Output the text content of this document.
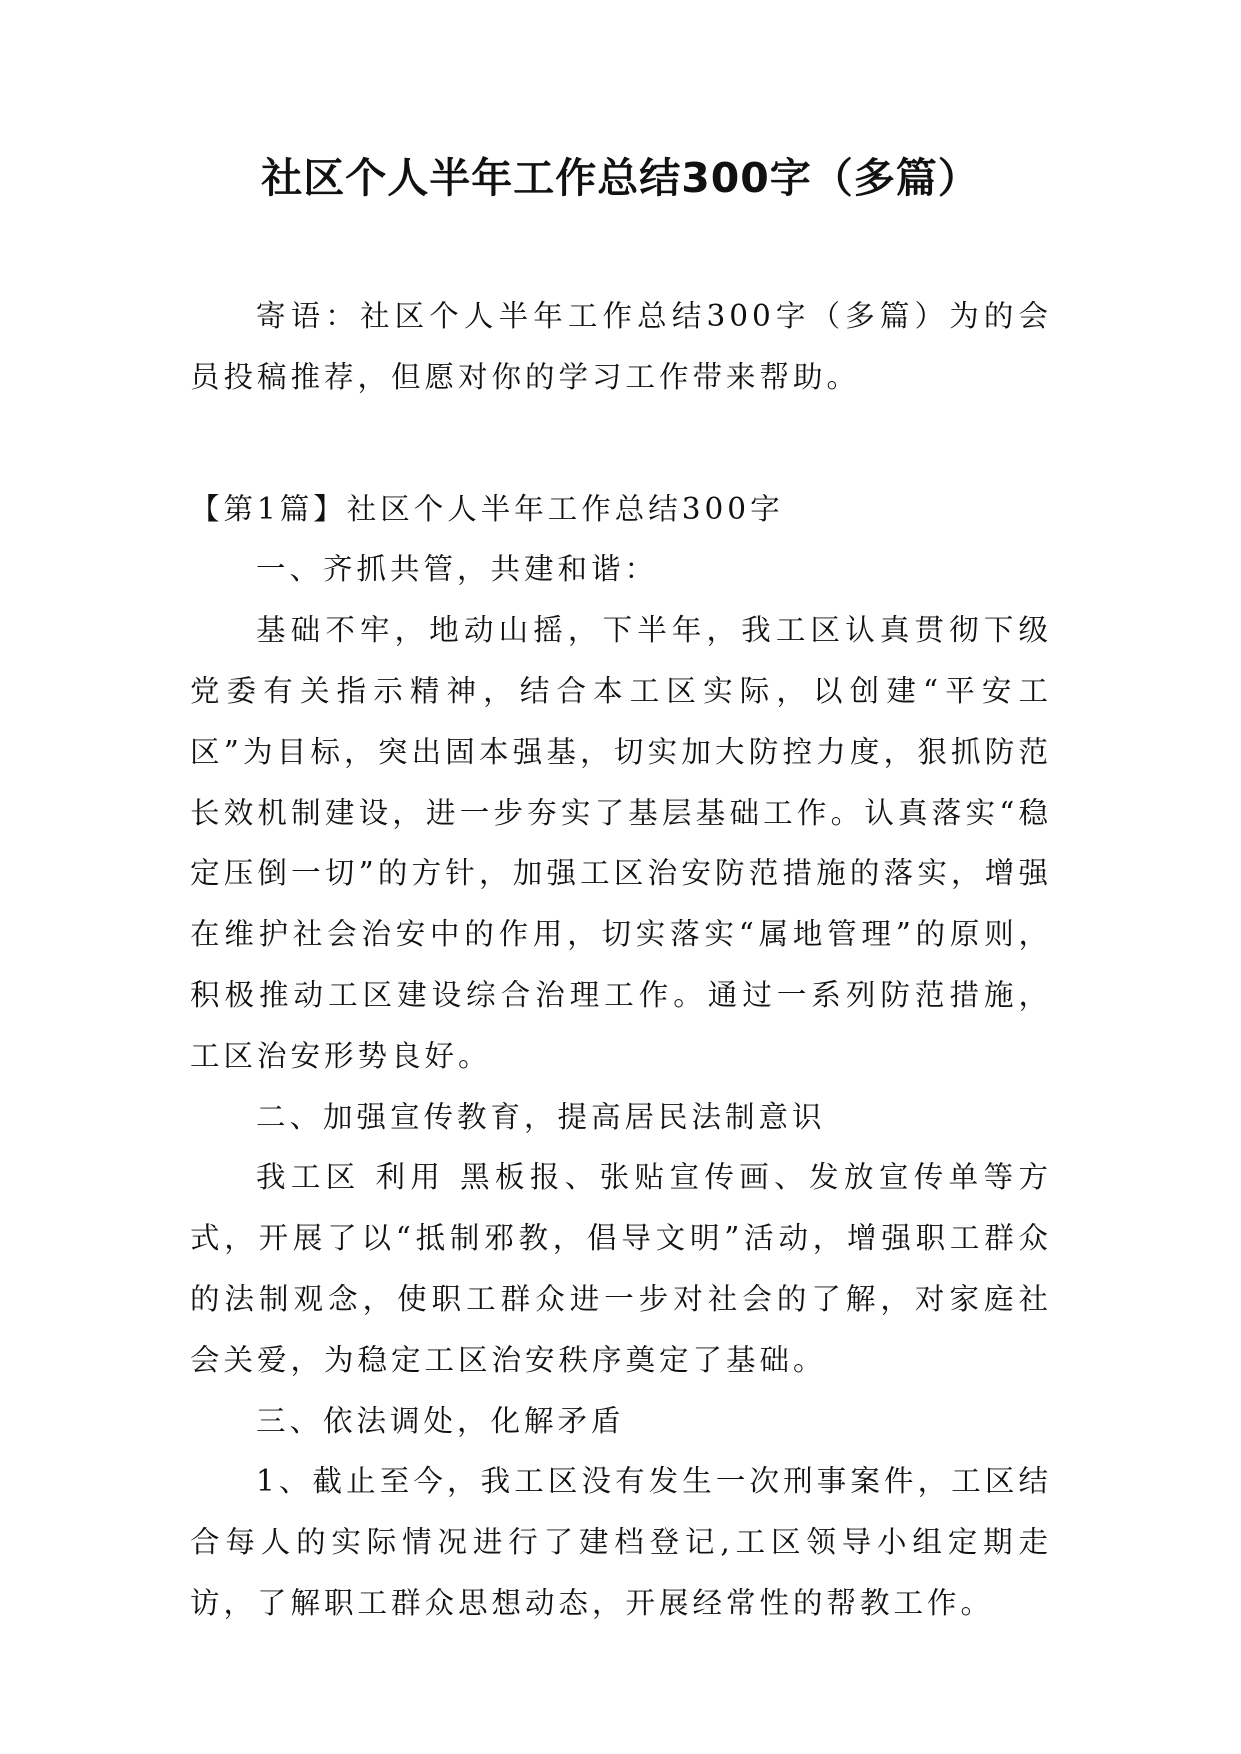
社区个人半年工作总结300字（多篇）

寄语：社区个人半年工作总结300字（多篇）为的会员投稿推荐，但愿对你的学习工作带来帮助。

【第1篇】社区个人半年工作总结300字

一、齐抓共管，共建和谐：

基础不牢，地动山摇，下半年，我工区认真贯彻下级党委有关指示精神，结合本工区实际，以创建“平安工区”为目标，突出固本强基，切实加大防控力度，狠抓防范长效机制建设，进一步夯实了基层基础工作。认真落实“稳定压倒一切”的方针，加强工区治安防范措施的落实，增强在维护社会治安中的作用，切实落实“属地管理”的原则，积极推动工区建设综合治理工作。通过一系列防范措施，工区治安形势良好。

二、加强宣传教育，提高居民法制意识

我工区 利用 黑板报、张贴宣传画、发放宣传单等方式，开展了以“抵制邪教，倡导文明”活动，增强职工群众的法制观念，使职工群众进一步对社会的了解，对家庭社会关爱，为稳定工区治安秩序奠定了基础。

三、依法调处，化解矛盾

1、截止至今，我工区没有发生一次刑事案件，工区结合每人的实际情况进行了建档登记,工区领导小组定期走访，了解职工群众思想动态，开展经常性的帮教工作。
